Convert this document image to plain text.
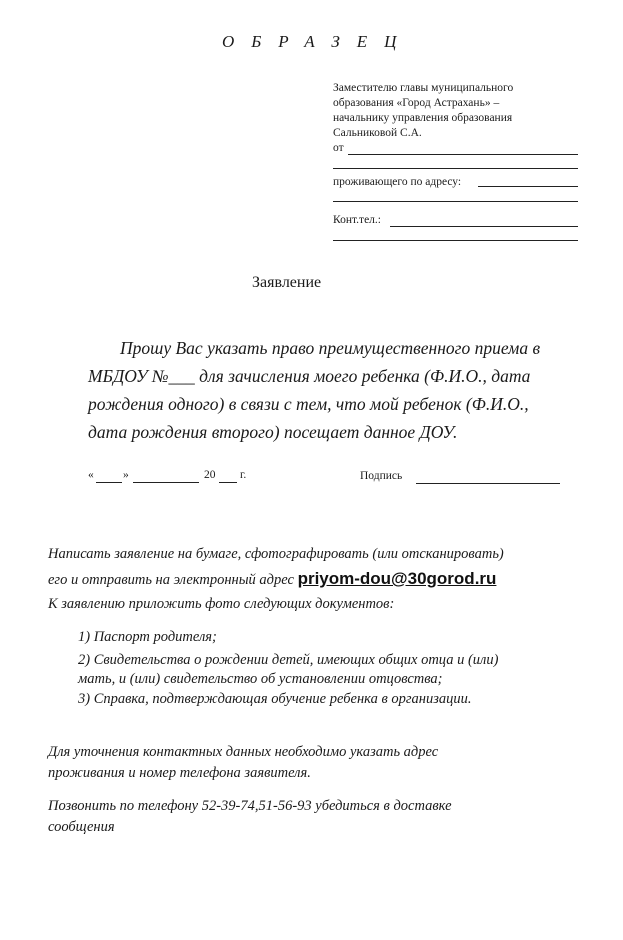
ОБРАЗЕЦ
Заместителю главы муниципального
образования «Город Астрахань» –
начальнику управления образования
Сальниковой С.А.
от
проживающего по адресу:
Конт.тел.:
Заявление
Прошу Вас указать право преимущественного приема в
МБДОУ №___ для зачисления моего ребенка (Ф.И.О., дата
рождения одного) в связи с тем, что мой ребенок (Ф.И.О.,
дата рождения второго) посещает данное ДОУ.
«	»	20 г.	Подпись
Написать заявление на бумаге, сфотографировать (или отсканировать)
его и отправить на электронный адрес priyom-dou@30gorod.ru
К заявлению приложить фото следующих документов:
1) Паспорт родителя;
2) Свидетельства о рождении детей, имеющих общих отца и (или)
мать, и (или) свидетельство об установлении отцовства;
3) Справка, подтверждающая обучение ребенка в организации.
Для уточнения контактных данных необходимо указать адрес
проживания и номер телефона заявителя.
Позвонить по телефону 52-39-74,51-56-93 убедиться в доставке
сообщения
